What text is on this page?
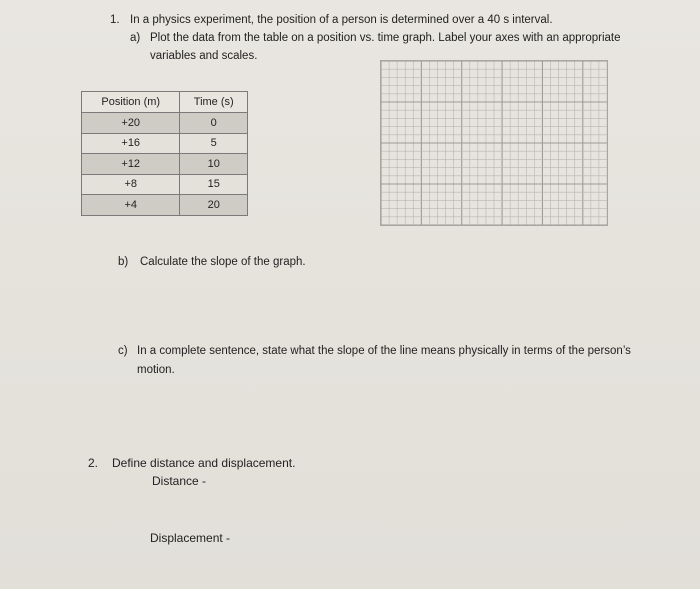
1. In a physics experiment, the position of a person is determined over a 40 s interval.
a) Plot the data from the table on a position vs. time graph. Label your axes with an appropriate
variables and scales.
Position (m)	Time (s)
+20	0
+16	5
+12	10
+8	15
+4	20
b) Calculate the slope of the graph.
c) In a complete sentence, state what the slope of the line means physically in terms of the person’s
motion.
2. Define distance and displacement.
Distance -
Displacement -
